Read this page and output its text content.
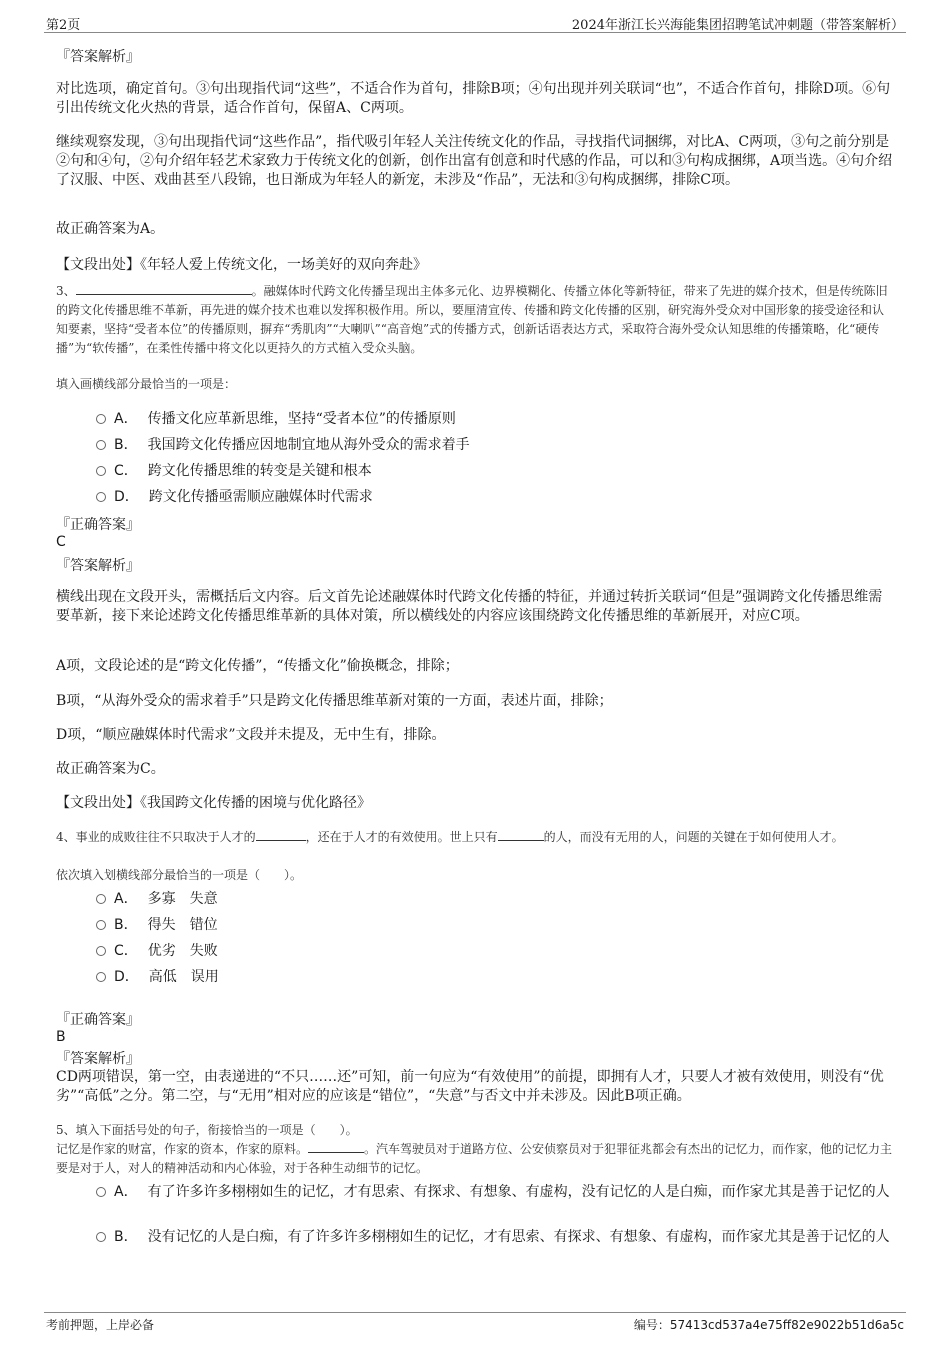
第2页	2024年浙江长兴海能集团招聘笔试冲刺题（带答案解析）
『答案解析』
对比选项，确定首句。③句出现指代词“这些”，不适合作为首句，排除B项；④句出现并列关联词“也”，不适合作首句，排除D项。⑥句引出传统文化火热的背景，适合作首句，保留A、C两项。
继续观察发现，③句出现指代词“这些作品”，指代吸引年轻人关注传统文化的作品，寻找指代词捆绑，对比A、C两项，③句之前分别是②句和④句，②句介绍年轻艺术家致力于传统文化的创新，创作出富有创意和时代感的作品，可以和③句构成捆绑，A项当选。④句介绍了汉服、中医、戏曲甚至八段锦，也日渐成为年轻人的新宠，未涉及“作品”，无法和③句构成捆绑，排除C项。
故正确答案为A。
【文段出处】《年轻人爱上传统文化，一场美好的双向奔赴》
3、	。融媒体时代跨文化传播呈现出主体多元化、边界模糊化、传播立体化等新特征，带来了先进的媒介技术，但是传统陈旧的跨文化传播思维不革新，再先进的媒介技术也难以发挥积极作用。所以，要厘清宣传、传播和跨文化传播的区别，研究海外受众对中国形象的接受途径和认知要素，坚持“受者本位”的传播原则，摒弃“秀肌肉”“大喇叭”“高音炮”式的传播方式，创新话语表达方式，采取符合海外受众认知思维的传播策略，化“硬传播”为“软传播”，在柔性传播中将文化以更持久的方式植入受众头脑。
填入画横线部分最恰当的一项是：
A． 传播文化应革新思维，坚持“受者本位”的传播原则
B． 我国跨文化传播应因地制宜地从海外受众的需求着手
C． 跨文化传播思维的转变是关键和根本
D． 跨文化传播亟需顺应融媒体时代需求
『正确答案』
C
『答案解析』
横线出现在文段开头，需概括后文内容。后文首先论述融媒体时代跨文化传播的特征，并通过转折关联词“但是”强调跨文化传播思维需要革新，接下来论述跨文化传播思维革新的具体对策，所以横线处的内容应该围绕跨文化传播思维的革新展开，对应C项。
A项，文段论述的是“跨文化传播”，“传播文化”偷换概念，排除；
B项，“从海外受众的需求着手”只是跨文化传播思维革新对策的一方面，表述片面，排除；
D项，“顺应融媒体时代需求”文段并未提及，无中生有，排除。
故正确答案为C。
【文段出处】《我国跨文化传播的困境与优化路径》
4、事业的成败往往不只取决于人才的	，还在于人才的有效使用。世上只有	的人，而没有无用的人，问题的关键在于如何使用人才。
依次填入划横线部分最恰当的一项是（　　）。
A． 多寡　失意
B． 得失　错位
C． 优劣　失败
D． 高低　误用
『正确答案』
B
『答案解析』
CD两项错误，第一空，由表递进的“不只……还”可知，前一句应为“有效使用”的前提，即拥有人才，只要人才被有效使用，则没有“优劣”“高低”之分。第二空，与“无用”相对应的应该是“错位”，“失意”与否文中并未涉及。因此B项正确。
5、填入下面括号处的句子，衔接恰当的一项是（　　）。
记忆是作家的财富，作家的资本，作家的原料。	。汽车驾驶员对于道路方位、公安侦察员对于犯罪征兆都会有杰出的记忆力，而作家，他的记忆力主要是对于人，对人的精神活动和内心体验，对于各种生动细节的记忆。
A． 有了许多许多栩栩如生的记忆，才有思索、有探求、有想象、有虚构，没有记忆的人是白痴，而作家尤其是善于记忆的人
B． 没有记忆的人是白痴，有了许多许多栩栩如生的记忆，才有思索、有探求、有想象、有虚构，而作家尤其是善于记忆的人
考前押题，上岸必备	编号：57413cd537a4e75ff82e9022b51d6a5c
